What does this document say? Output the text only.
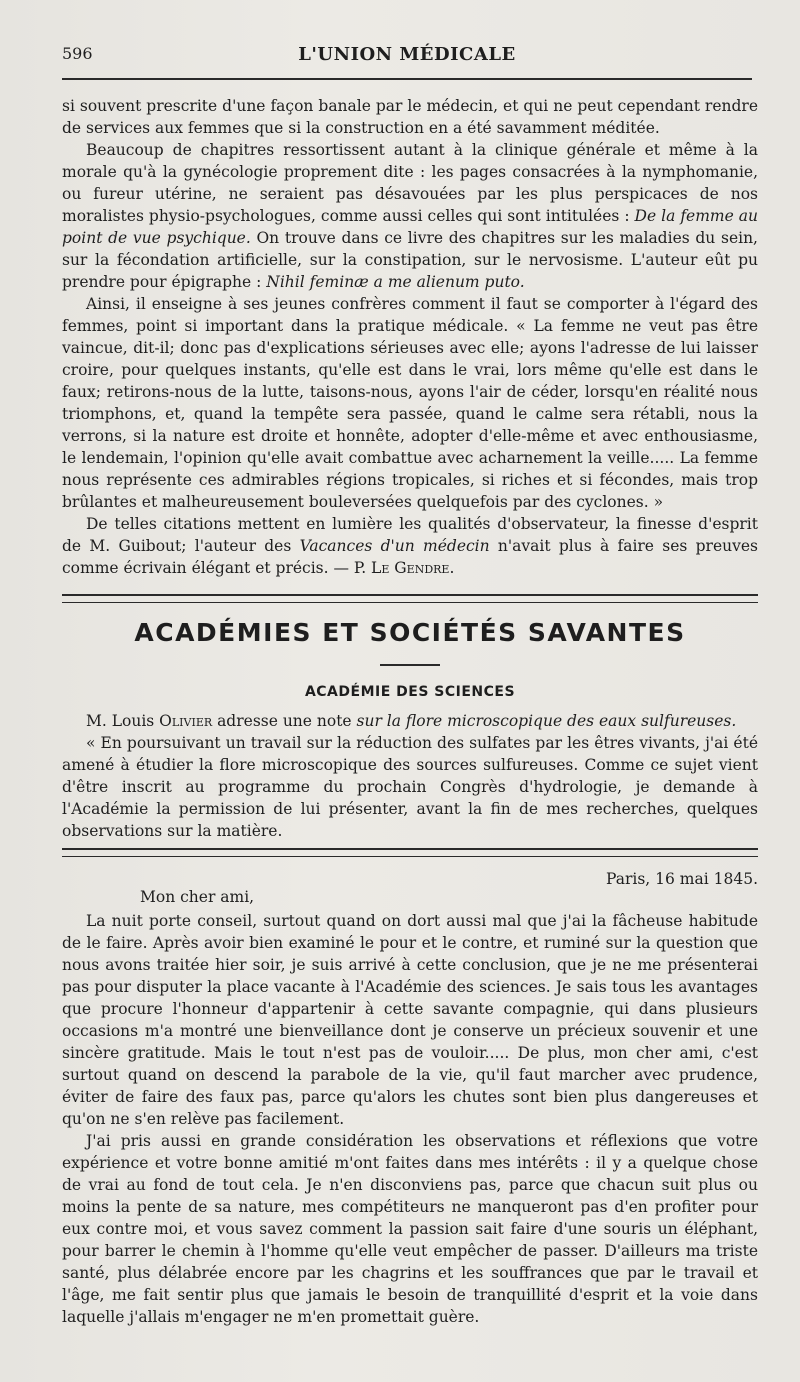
596	L'UNION MÉDICALE

si souvent prescrite d'une façon banale par le médecin, et qui ne peut cependant rendre de services aux femmes que si la construction en a été savamment méditée.

Beaucoup de chapitres ressortissent autant à la clinique générale et même à la morale qu'à la gynécologie proprement dite : les pages consacrées à la nymphomanie, ou fureur utérine, ne seraient pas désavouées par les plus perspicaces de nos moralistes physio-psychologues, comme aussi celles qui sont intitulées : De la femme au point de vue psychique. On trouve dans ce livre des chapitres sur les maladies du sein, sur la fécondation artificielle, sur la constipation, sur le nervosisme. L'auteur eût pu prendre pour épigraphe : Nihil feminæ a me alienum puto.

Ainsi, il enseigne à ses jeunes confrères comment il faut se comporter à l'égard des femmes, point si important dans la pratique médicale. « La femme ne veut pas être vaincue, dit-il; donc pas d'explications sérieuses avec elle; ayons l'adresse de lui laisser croire, pour quelques instants, qu'elle est dans le vrai, lors même qu'elle est dans le faux; retirons-nous de la lutte, taisons-nous, ayons l'air de céder, lorsqu'en réalité nous triomphons, et, quand la tempête sera passée, quand le calme sera rétabli, nous la verrons, si la nature est droite et honnête, adopter d'elle-même et avec enthousiasme, le lendemain, l'opinion qu'elle avait combattue avec acharnement la veille..... La femme nous représente ces admirables régions tropicales, si riches et si fécondes, mais trop brûlantes et malheureusement bouleversées quelquefois par des cyclones. »

De telles citations mettent en lumière les qualités d'observateur, la finesse d'esprit de M. Guibout; l'auteur des Vacances d'un médecin n'avait plus à faire ses preuves comme écrivain élégant et précis. — P. Le Gendre.

ACADÉMIES ET SOCIÉTÉS SAVANTES
ACADÉMIE DES SCIENCES

M. Louis Olivier adresse une note sur la flore microscopique des eaux sulfureuses.

« En poursuivant un travail sur la réduction des sulfates par les êtres vivants, j'ai été amené à étudier la flore microscopique des sources sulfureuses. Comme ce sujet vient d'être inscrit au programme du prochain Congrès d'hydrologie, je demande à l'Académie la permission de lui présenter, avant la fin de mes recherches, quelques observations sur la matière.

Paris, 16 mai 1845.
Mon cher ami,

La nuit porte conseil, surtout quand on dort aussi mal que j'ai la fâcheuse habitude de le faire. Après avoir bien examiné le pour et le contre, et ruminé sur la question que nous avons traitée hier soir, je suis arrivé à cette conclusion, que je ne me présenterai pas pour disputer la place vacante à l'Académie des sciences. Je sais tous les avantages que procure l'honneur d'appartenir à cette savante compagnie, qui dans plusieurs occasions m'a montré une bienveillance dont je conserve un précieux souvenir et une sincère gratitude. Mais le tout n'est pas de vouloir..... De plus, mon cher ami, c'est surtout quand on descend la parabole de la vie, qu'il faut marcher avec prudence, éviter de faire des faux pas, parce qu'alors les chutes sont bien plus dangereuses et qu'on ne s'en relève pas facilement.

J'ai pris aussi en grande considération les observations et réflexions que votre expérience et votre bonne amitié m'ont faites dans mes intérêts : il y a quelque chose de vrai au fond de tout cela. Je n'en disconviens pas, parce que chacun suit plus ou moins la pente de sa nature, mes compétiteurs ne manqueront pas d'en profiter pour eux contre moi, et vous savez comment la passion sait faire d'une souris un éléphant, pour barrer le chemin à l'homme qu'elle veut empêcher de passer. D'ailleurs ma triste santé, plus délabrée encore par les chagrins et les souffrances que par le travail et l'âge, me fait sentir plus que jamais le besoin de tranquillité d'esprit et la voie dans laquelle j'allais m'engager ne m'en promettait guère.
